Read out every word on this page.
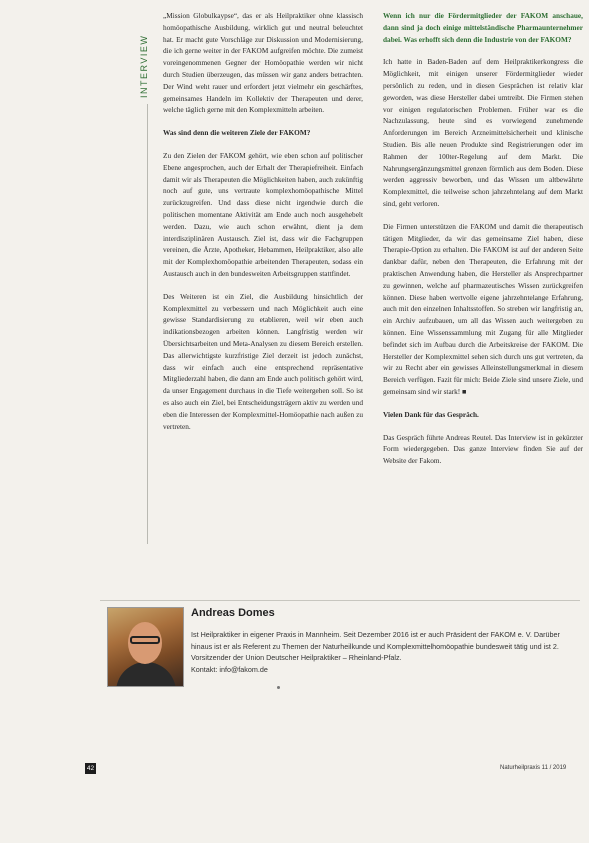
INTERVIEW

„Mission Globulkaypse“, das er als Heilpraktiker ohne klassisch homöopathische Ausbildung, wirklich gut und neutral beleuchtet hat. Er macht gute Vorschläge zur Diskussion und Modernisierung, die ich gerne weiter in der FAKOM aufgreifen möchte. Die zumeist voreingenommenen Gegner der Homöopathie werden wir nicht durch Studien überzeugen, das müssen wir ganz anders betrachten. Der Wind weht rauer und erfordert jetzt vielmehr ein geschärftes, gemeinsames Handeln im Kollektiv der Therapeuten und derer, welche täglich gerne mit den Komplexmitteln arbeiten.

Was sind denn die weiteren Ziele der FAKOM?

Zu den Zielen der FAKOM gehört, wie eben schon auf politischer Ebene angesprochen, auch der Erhalt der Therapiefreiheit. Einfach damit wir als Therapeuten die Möglichkeiten haben, auch zukünftig noch auf gute, uns vertraute komplexhomöopathische Mittel zurückzugreifen. Und dass diese nicht irgendwie durch die politischen momentane Aktivität am Ende auch noch ausgehebelt werden. Dazu, wie auch schon erwähnt, dient ja dem interdisziplinären Austausch. Ziel ist, dass wir die Fachgruppen vereinen, die Ärzte, Apotheker, Hebammen, Heilpraktiker, also alle mit der Komplexhomöopathie arbeitenden Therapeuten, sodass ein Austausch auch in den bundesweiten Arbeitsgruppen stattfindet.

Des Weiteren ist ein Ziel, die Ausbildung hinsichtlich der Komplexmittel zu verbessern und nach Möglichkeit auch eine gewisse Standardisierung zu etablieren, weil wir eben auch indikationsbezogen arbeiten können. Langfristig werden wir Übersichtsarbeiten und Meta-Analysen zu diesem Bereich erstellen. Das allerwichtigste kurzfristige Ziel derzeit ist jedoch zunächst, dass wir einfach auch eine entsprechend repräsentative Mitgliederzahl haben, die dann am Ende auch politisch gehört wird, da unser Engagement durchaus in die Tiefe weitergehen soll. So ist es also auch ein Ziel, bei Entscheidungsträgern aktiv zu werden und eben die Interessen der Komplexmittel-Homöopathie nach außen zu vertreten.

Wenn ich nur die Fördermitglieder der FAKOM anschaue, dann sind ja doch einige mittelständische Pharmaunternehmer dabei. Was erhofft sich denn die Industrie von der FAKOM?

Ich hatte in Baden-Baden auf dem Heilpraktikerkongress die Möglichkeit, mit einigen unserer Fördermitglieder wieder persönlich zu reden, und in diesen Gesprächen ist relativ klar geworden, was diese Hersteller dabei umtreibt. Die Firmen stehen vor einigen regulatorischen Problemen. Früher war es die Nachzulassung, heute sind es vorwiegend zunehmende Anforderungen im Bereich Arzneimittelsicherheit und klinische Studien. Bis alle neuen Produkte sind Registrierungen oder im Rahmen der 100ter-Regelung auf dem Markt. Die Nahrungsergänzungsmittel grenzen förmlich aus dem Boden. Diese werden aggressiv beworben, und das Wissen um altbewährte Komplexmittel, die teilweise schon jahrzehntelang auf dem Markt sind, geht verloren.

Die Firmen unterstützen die FAKOM und damit die therapeutisch tätigen Mitglieder, da wir das gemeinsame Ziel haben, diese Therapie-Option zu erhalten. Die FAKOM ist auf der anderen Seite dankbar dafür, neben den Therapeuten, die Erfahrung mit der praktischen Anwendung haben, die Hersteller als Ansprechpartner zu gewinnen, welche auf pharmazeutisches Wissen zurückgreifen können. Diese haben wertvolle eigene jahrzehntelange Erfahrung, auch mit den einzelnen Inhaltsstoffen. So streben wir langfristig an, ein Archiv aufzubauen, um all das Wissen auch weitergeben zu können. Eine Wissenssammlung mit Zugang für alle Mitglieder befindet sich im Aufbau durch die Arbeitskreise der FAKOM. Die Hersteller der Komplexmittel sehen sich durch uns gut vertreten, da wir zu Recht aber ein gewisses Alleinstellungsmerkmal in diesem Bereich verfügen. Fazit für mich: Beide Ziele sind unsere Ziele, und gemeinsam sind wir stark! ■

Vielen Dank für das Gespräch.

Das Gespräch führte Andreas Reutel. Das Interview ist in gekürzter Form wiedergegeben. Das ganze Interview finden Sie auf der Website der Fakom.

Andreas Domes

Ist Heilpraktiker in eigener Praxis in Mannheim. Seit Dezember 2016 ist er auch Präsident der FAKOM e. V. Darüber hinaus ist er als Referent zu Themen der Naturheilkunde und Komplexmittelhomöopathie bundesweit tätig und ist 2. Vorsitzender der Union Deutscher Heilpraktiker – Rheinland-Pfalz.

Kontakt: info@fakom.de

42	Naturheilpraxis 11 / 2019
